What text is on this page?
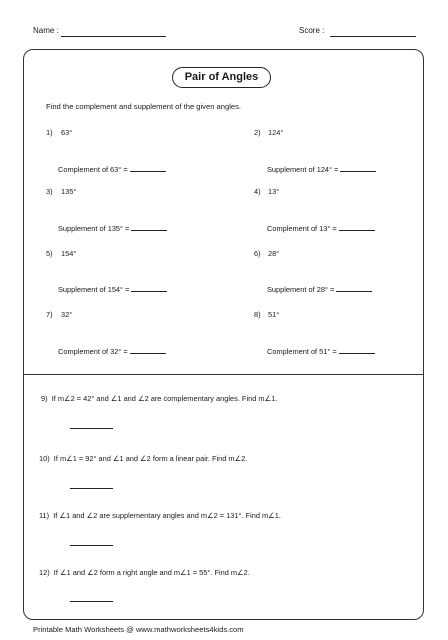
Name :	Score :
Pair of Angles
Find the complement and supplement of the given angles.
1) 63°
Complement of 63° =
2) 124°
Supplement of 124° =
3) 135°
Supplement of 135° =
4) 13°
Complement of 13° =
5) 154°
Supplement of 154° =
6) 28°
Supplement of 28° =
7) 32°
Complement of 32° =
8) 51°
Complement of 51° =
9) If m∠2 = 42° and ∠1 and ∠2 are complementary angles. Find m∠1.
10) If m∠1 = 92° and ∠1 and ∠2 form a linear pair. Find m∠2.
11) If ∠1 and ∠2 are supplementary angles and m∠2 = 131°. Find m∠1.
12) If ∠1 and ∠2 form a right angle and m∠1 = 55°. Find m∠2.
Printable Math Worksheets @ www.mathworksheets4kids.com
